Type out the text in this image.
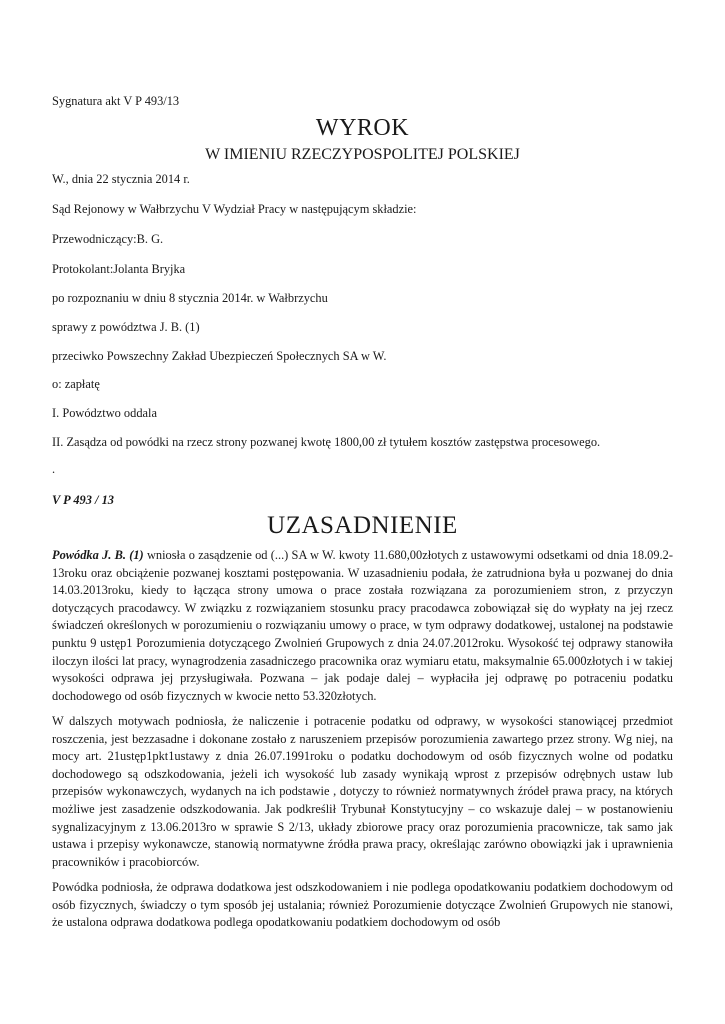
Sygnatura akt V P 493/13
WYROK
W IMIENIU RZECZYPOSPOLITEJ POLSKIEJ
W., dnia 22 stycznia 2014 r.
Sąd Rejonowy w Wałbrzychu V Wydział Pracy w następującym składzie:
Przewodniczący:B. G.
Protokolant:Jolanta Bryjka
po rozpoznaniu w dniu 8 stycznia 2014r. w Wałbrzychu
sprawy z powództwa J. B. (1)
przeciwko Powszechny Zakład Ubezpieczeń Społecznych SA w W.
o: zapłatę
I. Powództwo oddala
II. Zasądza od powódki na rzecz strony pozwanej kwotę 1800,00 zł tytułem kosztów zastępstwa procesowego.
.
V P 493 / 13
UZASADNIENIE
Powódka J. B. (1) wniosła o zasądzenie od (...) SA w W. kwoty 11.680,00złotych z ustawowymi odsetkami od dnia 18.09.2-13roku oraz obciążenie pozwanej kosztami postępowania. W uzasadnieniu podała, że zatrudniona była u pozwanej do dnia 14.03.2013roku, kiedy to łącząca strony umowa o prace została rozwiązana za porozumieniem stron, z przyczyn dotyczących pracodawcy. W związku z rozwiązaniem stosunku pracy pracodawca zobowiązał się do wypłaty na jej rzecz świadczeń określonych w porozumieniu o rozwiązaniu umowy o prace, w tym odprawy dodatkowej, ustalonej na podstawie punktu 9 ustęp1 Porozumienia dotyczącego Zwolnień Grupowych z dnia 24.07.2012roku. Wysokość tej odprawy stanowiła iloczyn ilości lat pracy, wynagrodzenia zasadniczego pracownika oraz wymiaru etatu, maksymalnie 65.000złotych i w takiej wysokości odprawa jej przysługiwała. Pozwana – jak podaje dalej – wypłaciła jej odprawę po potraceniu podatku dochodowego od osób fizycznych w kwocie netto 53.320złotych.
W dalszych motywach podniosła, że naliczenie i potracenie podatku od odprawy, w wysokości stanowiącej przedmiot roszczenia, jest bezzasadne i dokonane zostało z naruszeniem przepisów porozumienia zawartego przez strony. Wg niej, na mocy art. 21ustęp1pkt1ustawy z dnia 26.07.1991roku o podatku dochodowym od osób fizycznych wolne od podatku dochodowego są odszkodowania, jeżeli ich wysokość lub zasady wynikają wprost z przepisów odrębnych ustaw lub przepisów wykonawczych, wydanych na ich podstawie , dotyczy to również normatywnych źródeł prawa pracy, na których możliwe jest zasadzenie odszkodowania. Jak podkreślił Trybunał Konstytucyjny – co wskazuje dalej – w postanowieniu sygnalizacyjnym z 13.06.2013ro w sprawie S 2/13, układy zbiorowe pracy oraz porozumienia pracownicze, tak samo jak ustawa i przepisy wykonawcze, stanowią normatywne źródła prawa pracy, określając zarówno obowiązki jak i uprawnienia pracowników i pracobiorców.
Powódka podniosła, że odprawa dodatkowa jest odszkodowaniem i nie podlega opodatkowaniu podatkiem dochodowym od osób fizycznych, świadczy o tym sposób jej ustalania; również Porozumienie dotyczące Zwolnień Grupowych nie stanowi, że ustalona odprawa dodatkowa podlega opodatkowaniu podatkiem dochodowym od osób
